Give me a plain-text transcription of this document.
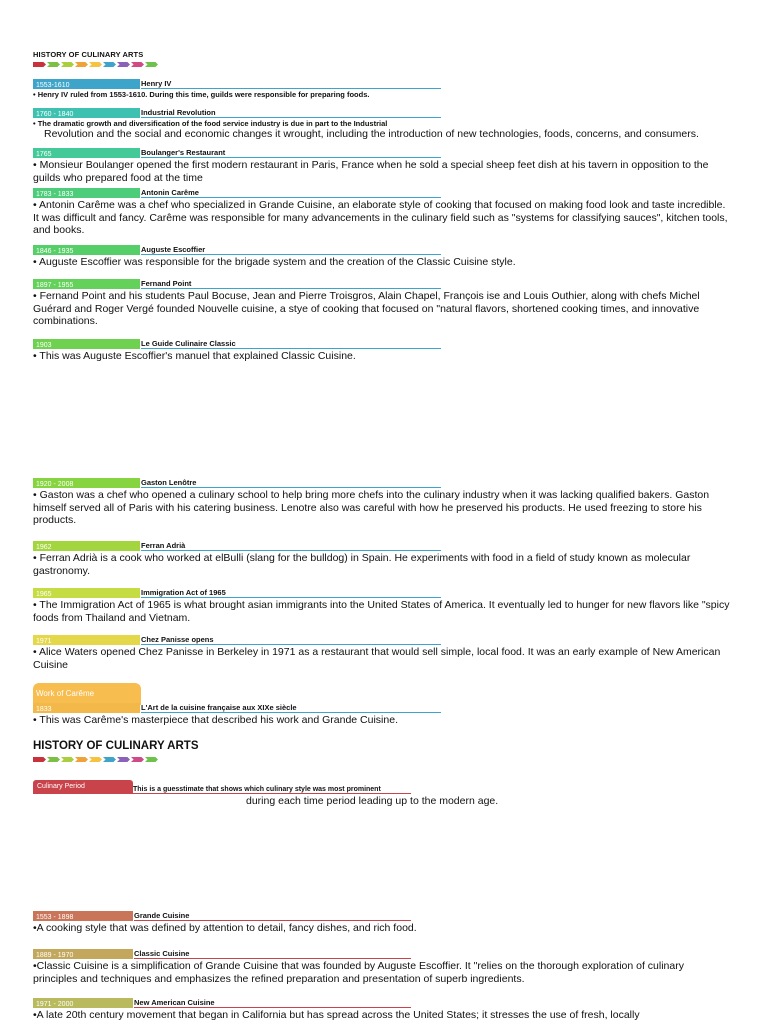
HISTORY OF CULINARY ARTS
1553-1610	Henry IV
• Henry IV ruled from 1553-1610. During this time, guilds were responsible for preparing foods.
1760 - 1840	Industrial Revolution
• The dramatic growth and diversification of the food service industry is due in part to the Industrial
Revolution and the social and economic changes it wrought, including the introduction of new technologies, foods, concerns, and consumers.
1765	Boulanger's Restaurant
• Monsieur Boulanger opened the first modern restaurant in Paris, France when he sold a special sheep feet dish at his tavern in opposition to the guilds who prepared food at the time
1783 - 1833	Antonin Carême
• Antonin Carême was a chef who specialized in Grande Cuisine, an elaborate style of cooking that focused on making food look and taste incredible. It was difficult and fancy. Carême was responsible for many advancements in the culinary field such as "systems for classifying sauces", kitchen tools, and books.
1846 - 1935	Auguste Escoffier
• Auguste Escoffier was responsible for the brigade system and the creation of the Classic Cuisine style.
1897 - 1955	Fernand Point
• Fernand Point and his students Paul Bocuse, Jean and Pierre Troisgros, Alain Chapel, François ise and Louis Outhier, along with chefs Michel Guérard and Roger Vergé founded Nouvelle cuisine, a stye of cooking that focused on "natural flavors, shortened cooking times, and innovative combinations.
1903	Le Guide Culinaire Classic
• This was Auguste Escoffier's manuel that explained Classic Cuisine.
1920 - 2008	Gaston Lenôtre
• Gaston was a chef who opened a culinary school to help bring more chefs into the culinary industry when it was lacking qualified bakers. Gaston himself served all of Paris with his catering business. Lenotre also was careful with how he preserved his products. He used freezing to store his products.
1962	Ferran Adrià
• Ferran Adrià is a cook who worked at elBulli (slang for the bulldog) in Spain. He experiments with food in a field of study known as molecular gastronomy.
1965	Immigration Act of 1965
• The Immigration Act of 1965 is what brought asian immigrants into the United States of America. It eventually led to hunger for new flavors like "spicy foods from Thailand and Vietnam.
1971	Chez Panisse opens
• Alice Waters opened Chez Panisse in Berkeley in 1971 as a restaurant that would sell simple, local food. It was an early example of New American Cuisine
Work of Carême
1833	L'Art de la cuisine française aux XIXe siècle
• This was Carême's masterpiece that described his work and Grande Cuisine.
HISTORY OF CULINARY ARTS
Culinary Period	This is a guesstimate that shows which culinary style was most prominent
during each time period leading up to the modern age.
1553 - 1898	Grande Cuisine
•A cooking style that was defined by attention to detail, fancy dishes, and rich food.
1889 - 1970	Classic Cuisine
•Classic Cuisine is a simplification of Grande Cuisine that was founded by Auguste Escoffier. It "relies on the thorough exploration of culinary principles and techniques and emphasizes the refined preparation and presentation of superb ingredients.
1971 - 2000	New American Cuisine
•A late 20th century movement that began in California but has spread across the United States; it stresses the use of fresh, locally
